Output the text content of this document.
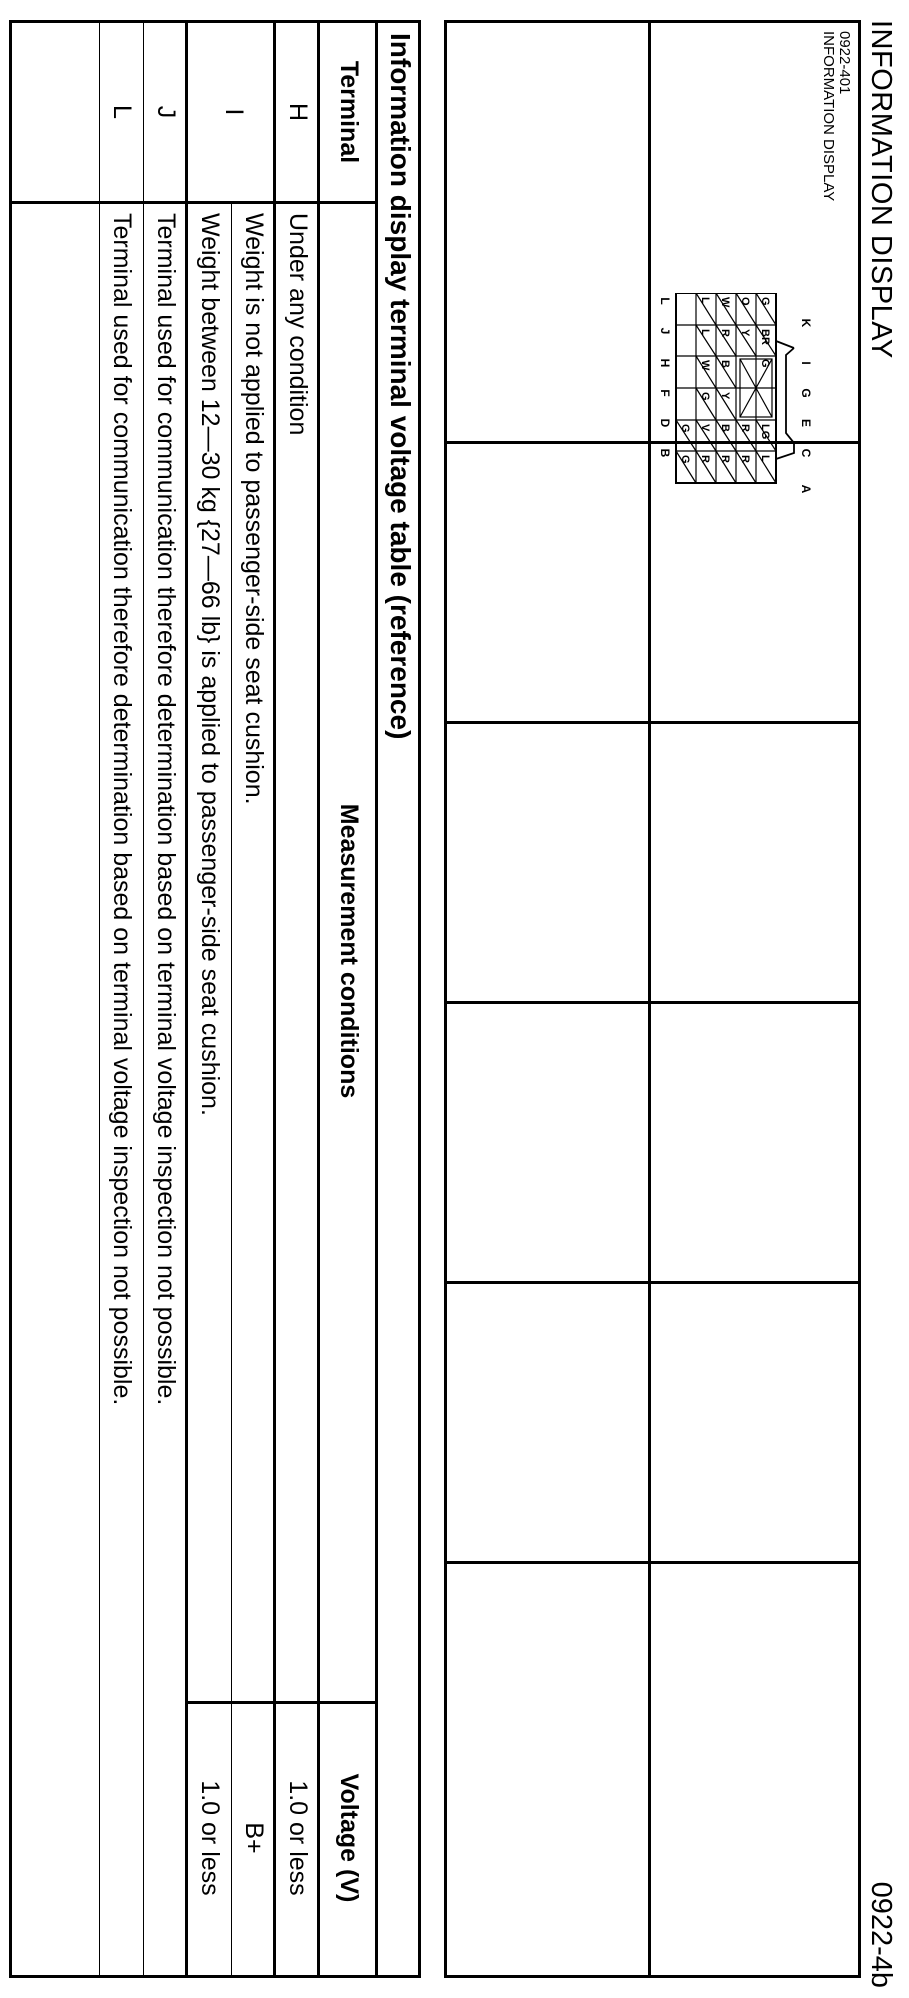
INFORMATION DISPLAY
0922-4b
0922-401
INFORMATION DISPLAY
K
I
G
E
C
A
L
J
H
F
D
B
G
BR
G
LG
L
O
Y
R
R
W
R
B
Y
B
R
L
L
W
G
V
R
G
G
Information display terminal voltage table (reference)
Terminal
Measurement conditions
Voltage (V)
H
Under any condition
1.0 or less
I
Weight is not applied to passenger-side seat cushion.
B+
Weight between 12—30 kg {27—66 lb} is applied to passenger-side seat cushion.
1.0 or less
J
Terminal used for communication therefore determination based on terminal voltage inspection not possible.
L
Terminal used for communication therefore determination based on terminal voltage inspection not possible.
